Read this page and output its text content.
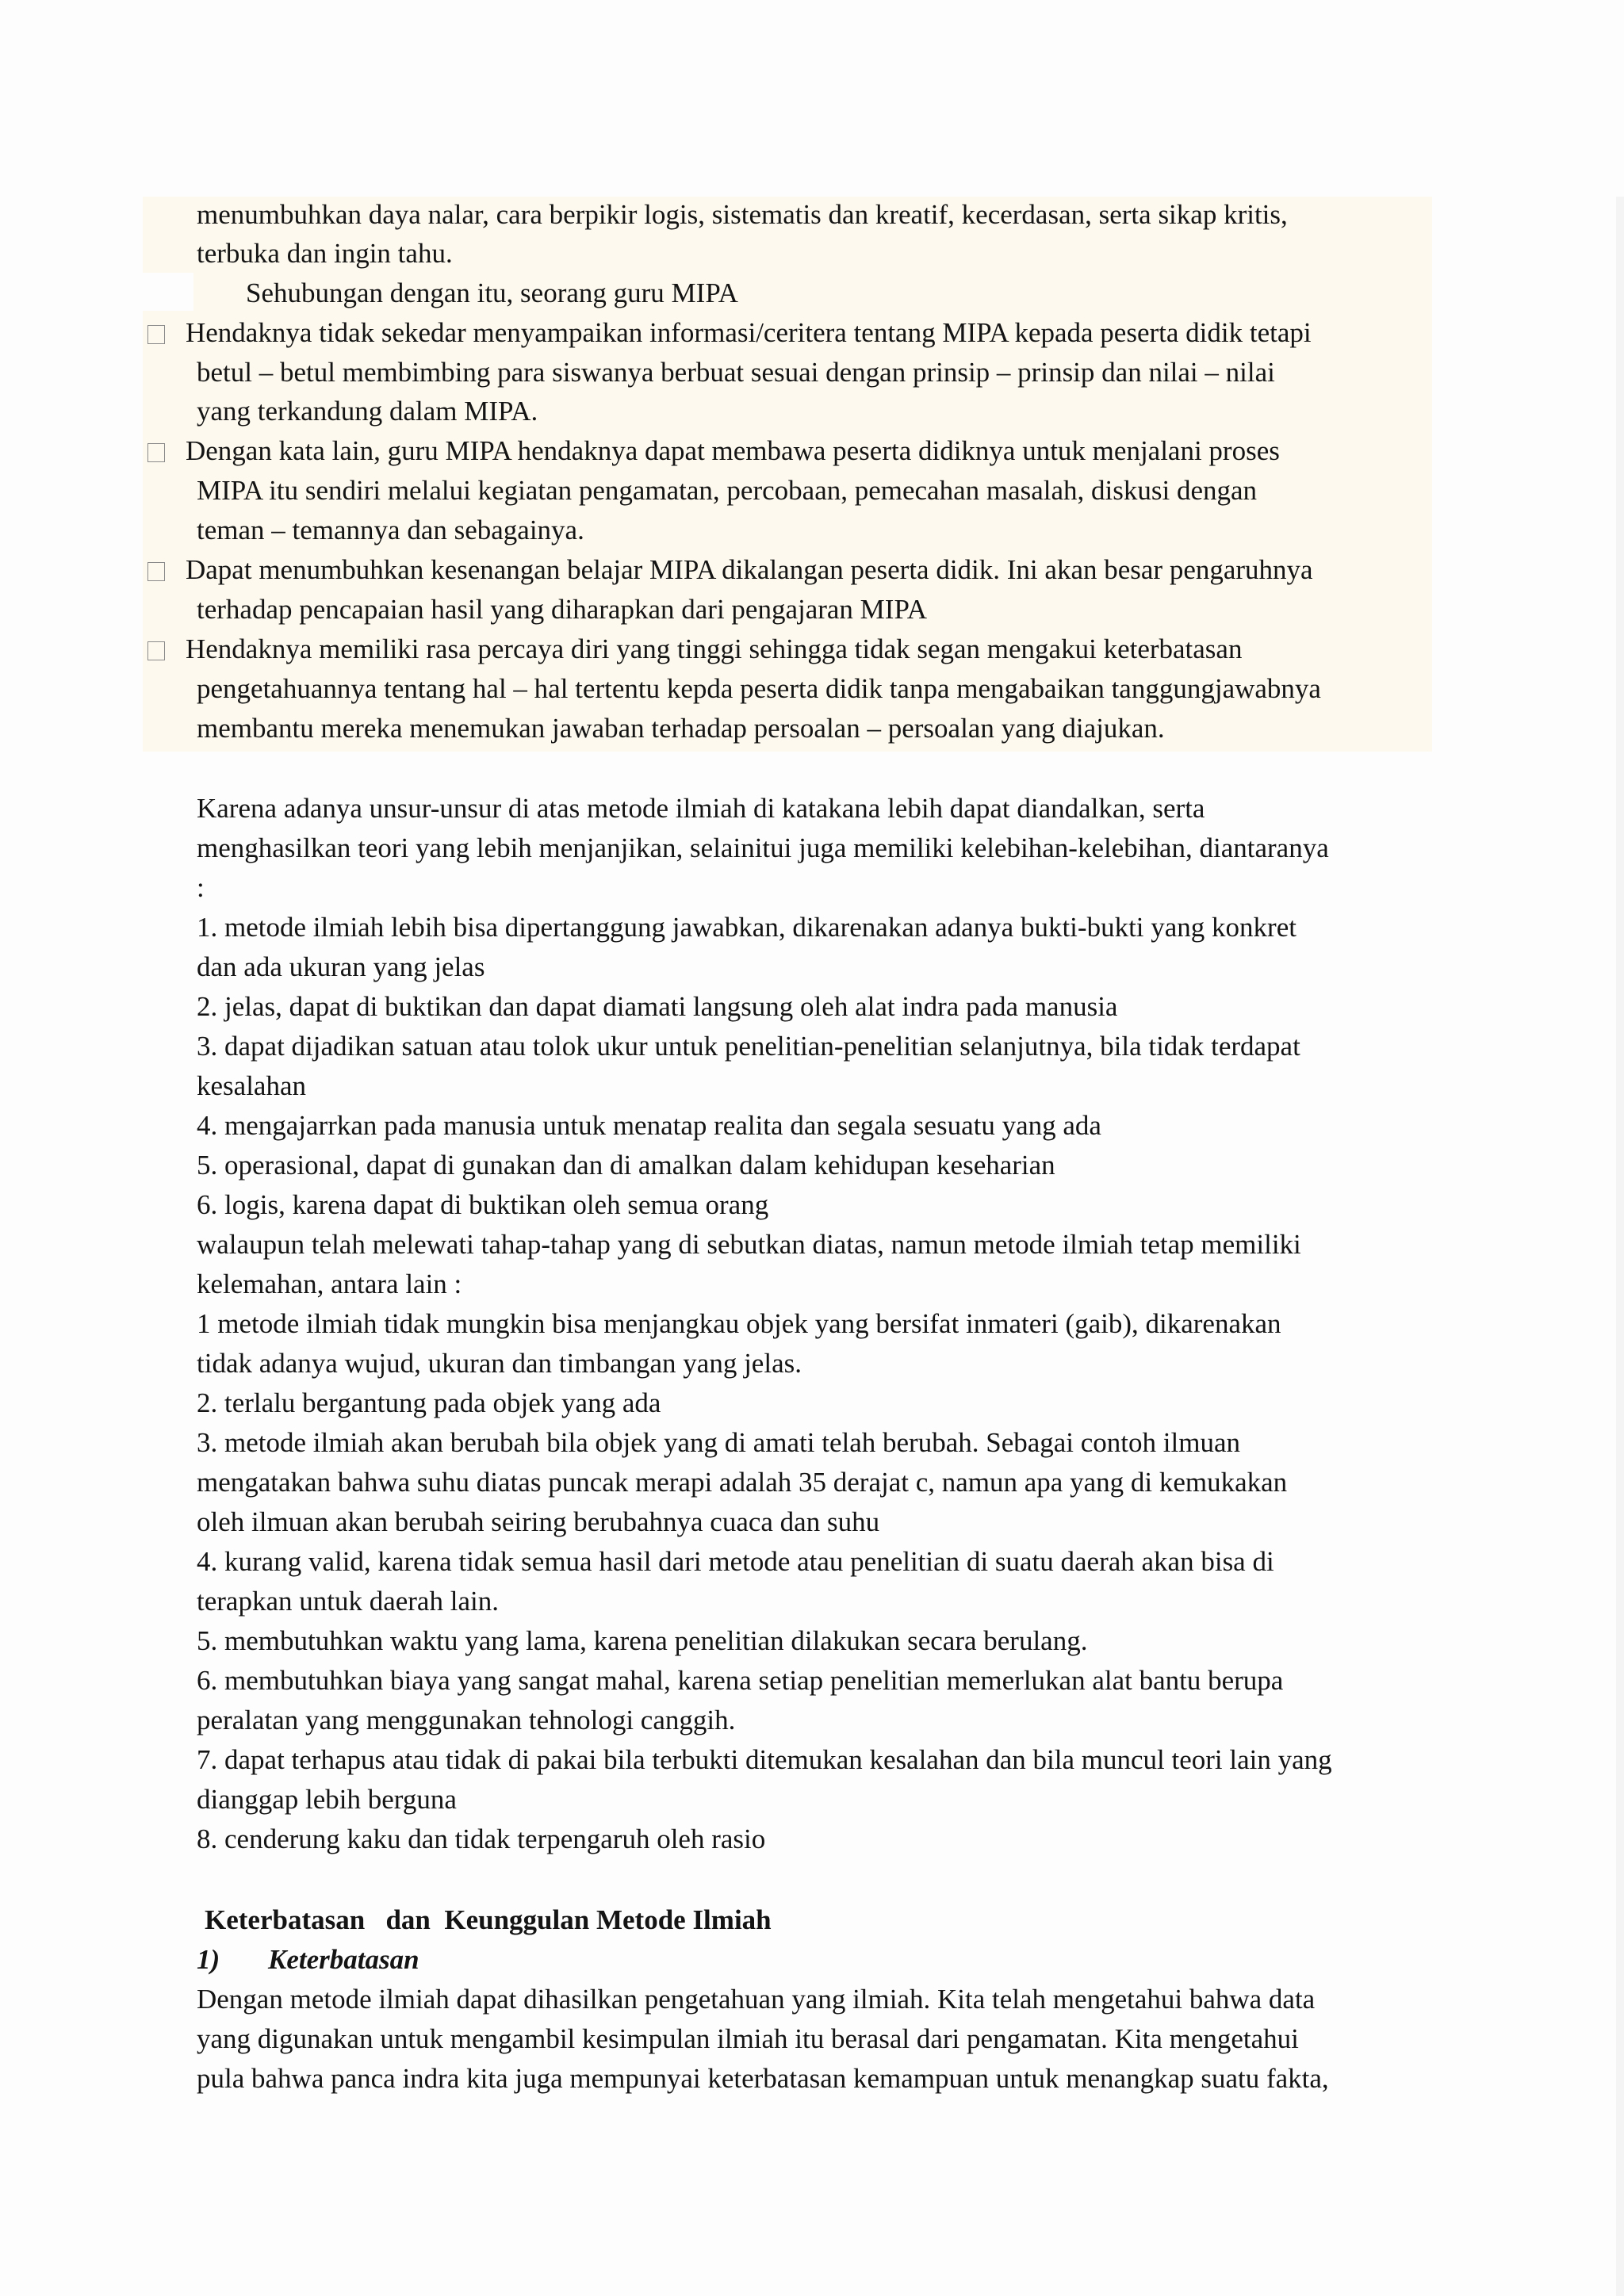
menumbuhkan daya nalar, cara berpikir logis, sistematis dan kreatif, kecerdasan, serta sikap kritis,
terbuka dan ingin tahu.
Sehubungan dengan itu, seorang guru MIPA
Hendaknya tidak sekedar menyampaikan informasi/ceritera tentang MIPA kepada peserta didik tetapi
betul – betul membimbing para siswanya berbuat sesuai dengan prinsip – prinsip dan nilai – nilai
yang terkandung dalam MIPA.
Dengan kata lain, guru MIPA hendaknya dapat membawa peserta didiknya untuk menjalani proses
MIPA itu sendiri melalui kegiatan pengamatan, percobaan, pemecahan masalah, diskusi dengan
teman – temannya dan sebagainya.
Dapat menumbuhkan kesenangan belajar MIPA dikalangan peserta didik. Ini akan besar pengaruhnya
terhadap pencapaian hasil yang diharapkan dari pengajaran MIPA
Hendaknya memiliki rasa percaya diri yang tinggi sehingga tidak segan mengakui keterbatasan
pengetahuannya tentang hal – hal tertentu kepda peserta didik tanpa mengabaikan tanggungjawabnya
membantu mereka menemukan jawaban terhadap persoalan – persoalan yang diajukan.
Karena adanya unsur-unsur di atas metode ilmiah di katakana lebih dapat diandalkan, serta
menghasilkan teori yang lebih menjanjikan, selainitui juga memiliki kelebihan-kelebihan, diantaranya
:
1. metode ilmiah lebih bisa dipertanggung jawabkan, dikarenakan adanya bukti-bukti yang konkret
dan ada ukuran yang jelas
2. jelas, dapat di buktikan dan dapat diamati langsung oleh alat indra pada manusia
3. dapat dijadikan satuan atau tolok ukur untuk penelitian-penelitian selanjutnya, bila tidak terdapat
kesalahan
4. mengajarrkan pada manusia untuk menatap realita dan segala sesuatu yang ada
5. operasional, dapat di gunakan dan di amalkan dalam kehidupan keseharian
6. logis, karena dapat di buktikan oleh semua orang
walaupun telah melewati tahap-tahap yang di sebutkan diatas, namun metode ilmiah tetap memiliki
kelemahan, antara lain :
1 metode ilmiah tidak mungkin bisa menjangkau objek yang bersifat inmateri (gaib), dikarenakan
tidak adanya wujud, ukuran dan timbangan yang jelas.
2. terlalu bergantung pada objek yang ada
3. metode ilmiah akan berubah bila objek yang di amati telah berubah. Sebagai contoh ilmuan
mengatakan bahwa suhu diatas puncak merapi adalah 35 derajat c, namun apa yang di kemukakan
oleh ilmuan akan berubah seiring berubahnya cuaca dan suhu
4. kurang valid, karena tidak semua hasil dari metode atau penelitian di suatu daerah akan bisa di
terapkan untuk daerah lain.
5. membutuhkan waktu yang lama, karena penelitian dilakukan secara berulang.
6. membutuhkan biaya yang sangat mahal, karena setiap penelitian memerlukan alat bantu berupa
peralatan yang menggunakan tehnologi canggih.
7. dapat terhapus atau tidak di pakai bila terbukti ditemukan kesalahan dan bila muncul teori lain yang
dianggap lebih berguna
8. cenderung kaku dan tidak terpengaruh oleh rasio
Keterbatasan   dan  Keunggulan Metode Ilmiah
1) Keterbatasan
Dengan metode ilmiah dapat dihasilkan pengetahuan yang ilmiah. Kita telah mengetahui bahwa data
yang digunakan untuk mengambil kesimpulan ilmiah itu berasal dari pengamatan. Kita mengetahui
pula bahwa panca indra kita juga mempunyai keterbatasan kemampuan untuk menangkap suatu fakta,
